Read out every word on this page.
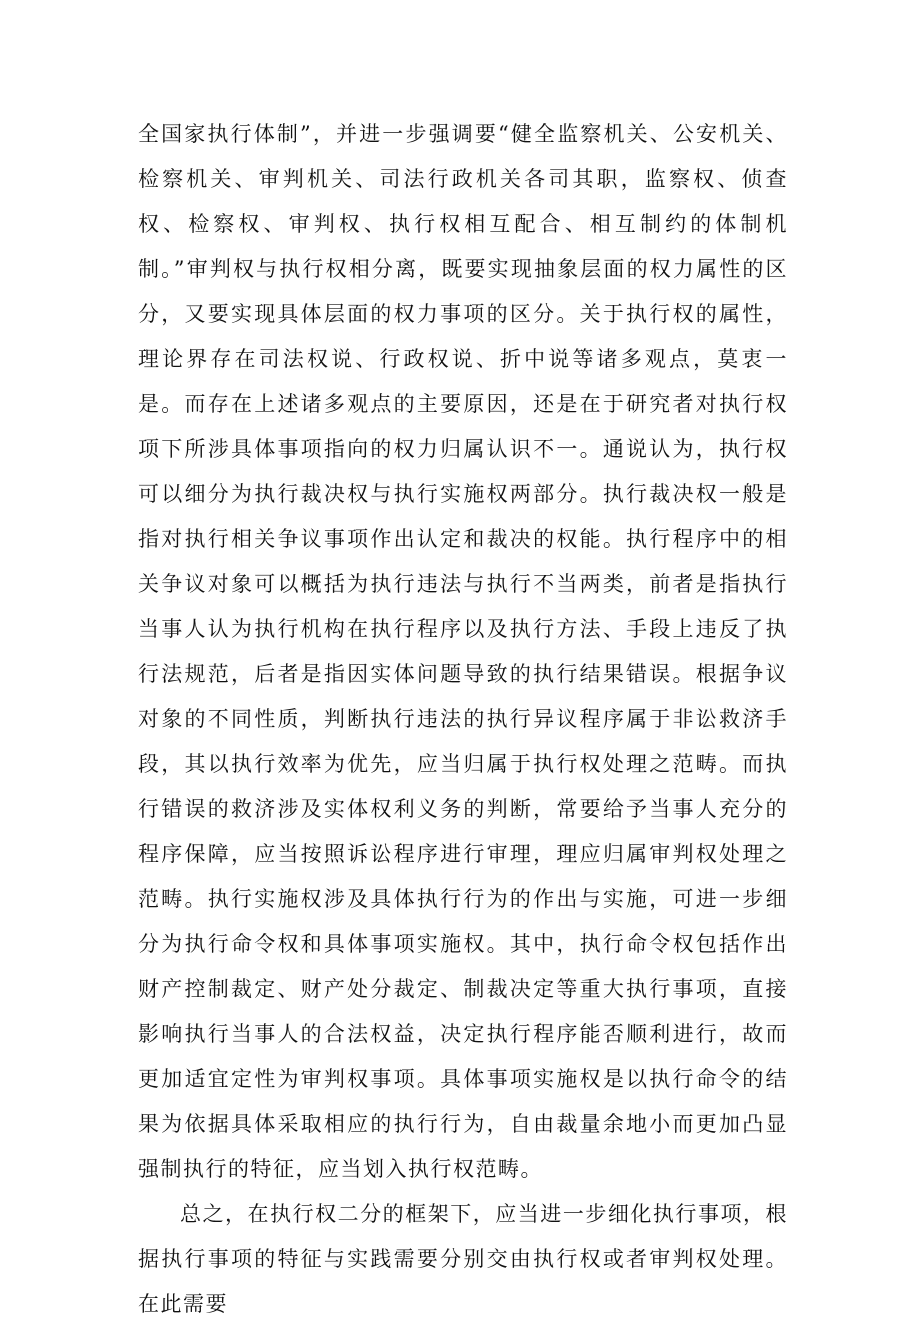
全国家执行体制”，并进一步强调要“健全监察机关、公安机关、检察机关、审判机关、司法行政机关各司其职，监察权、侦查权、检察权、审判权、执行权相互配合、相互制约的体制机制。”审判权与执行权相分离，既要实现抽象层面的权力属性的区分，又要实现具体层面的权力事项的区分。关于执行权的属性，理论界存在司法权说、行政权说、折中说等诸多观点，莫衷一是。而存在上述诸多观点的主要原因，还是在于研究者对执行权项下所涉具体事项指向的权力归属认识不一。通说认为，执行权可以细分为执行裁决权与执行实施权两部分。执行裁决权一般是指对执行相关争议事项作出认定和裁决的权能。执行程序中的相关争议对象可以概括为执行违法与执行不当两类，前者是指执行当事人认为执行机构在执行程序以及执行方法、手段上违反了执行法规范，后者是指因实体问题导致的执行结果错误。根据争议对象的不同性质，判断执行违法的执行异议程序属于非讼救济手段，其以执行效率为优先，应当归属于执行权处理之范畴。而执行错误的救济涉及实体权利义务的判断，常要给予当事人充分的程序保障，应当按照诉讼程序进行审理，理应归属审判权处理之范畴。执行实施权涉及具体执行行为的作出与实施，可进一步细分为执行命令权和具体事项实施权。其中，执行命令权包括作出财产控制裁定、财产处分裁定、制裁决定等重大执行事项，直接影响执行当事人的合法权益，决定执行程序能否顺利进行，故而更加适宜定性为审判权事项。具体事项实施权是以执行命令的结果为依据具体采取相应的执行行为，自由裁量余地小而更加凸显强制执行的特征，应当划入执行权范畴。

总之，在执行权二分的框架下，应当进一步细化执行事项，根据执行事项的特征与实践需要分别交由执行权或者审判权处理。在此需要
